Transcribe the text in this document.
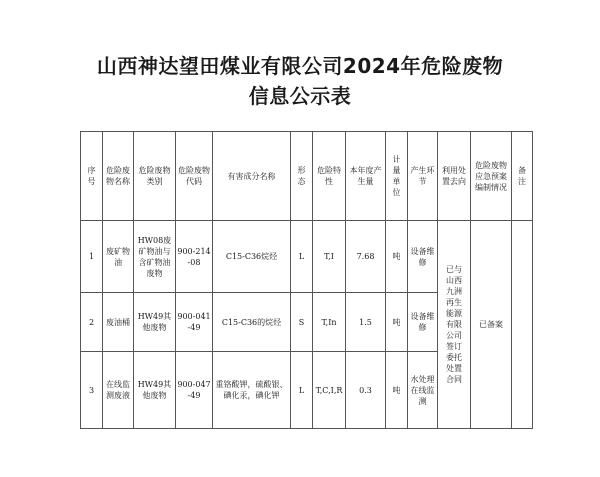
山西神达望田煤业有限公司2024年危险废物
信息公示表
序号	危险废物名称	危险废物类别	危险废物代码	有害成分名称	形态	危险特性	本年度产生量	计量单位	产生环节	利用处置去向	危险废物应急预案编制情况	备注
1	废矿物油	HW08废矿物油与含矿物油废物	900-214-08	C15-C36烷烃	L	T,I	7.68	吨	设备维修	已与山西九洲再生能源有限公司签订委托处置合同	已备案	
2	废油桶	HW49其他废物	900-041-49	C15-C36的烷烃	S	T,In	1.5	吨	设备维修			
3	在线监测废液	HW49其他废物	900-047-49	重铬酸钾，硫酸银、碘化汞，碘化钾	L	T,C,I,R	0.3	吨	水处理在线监测			
